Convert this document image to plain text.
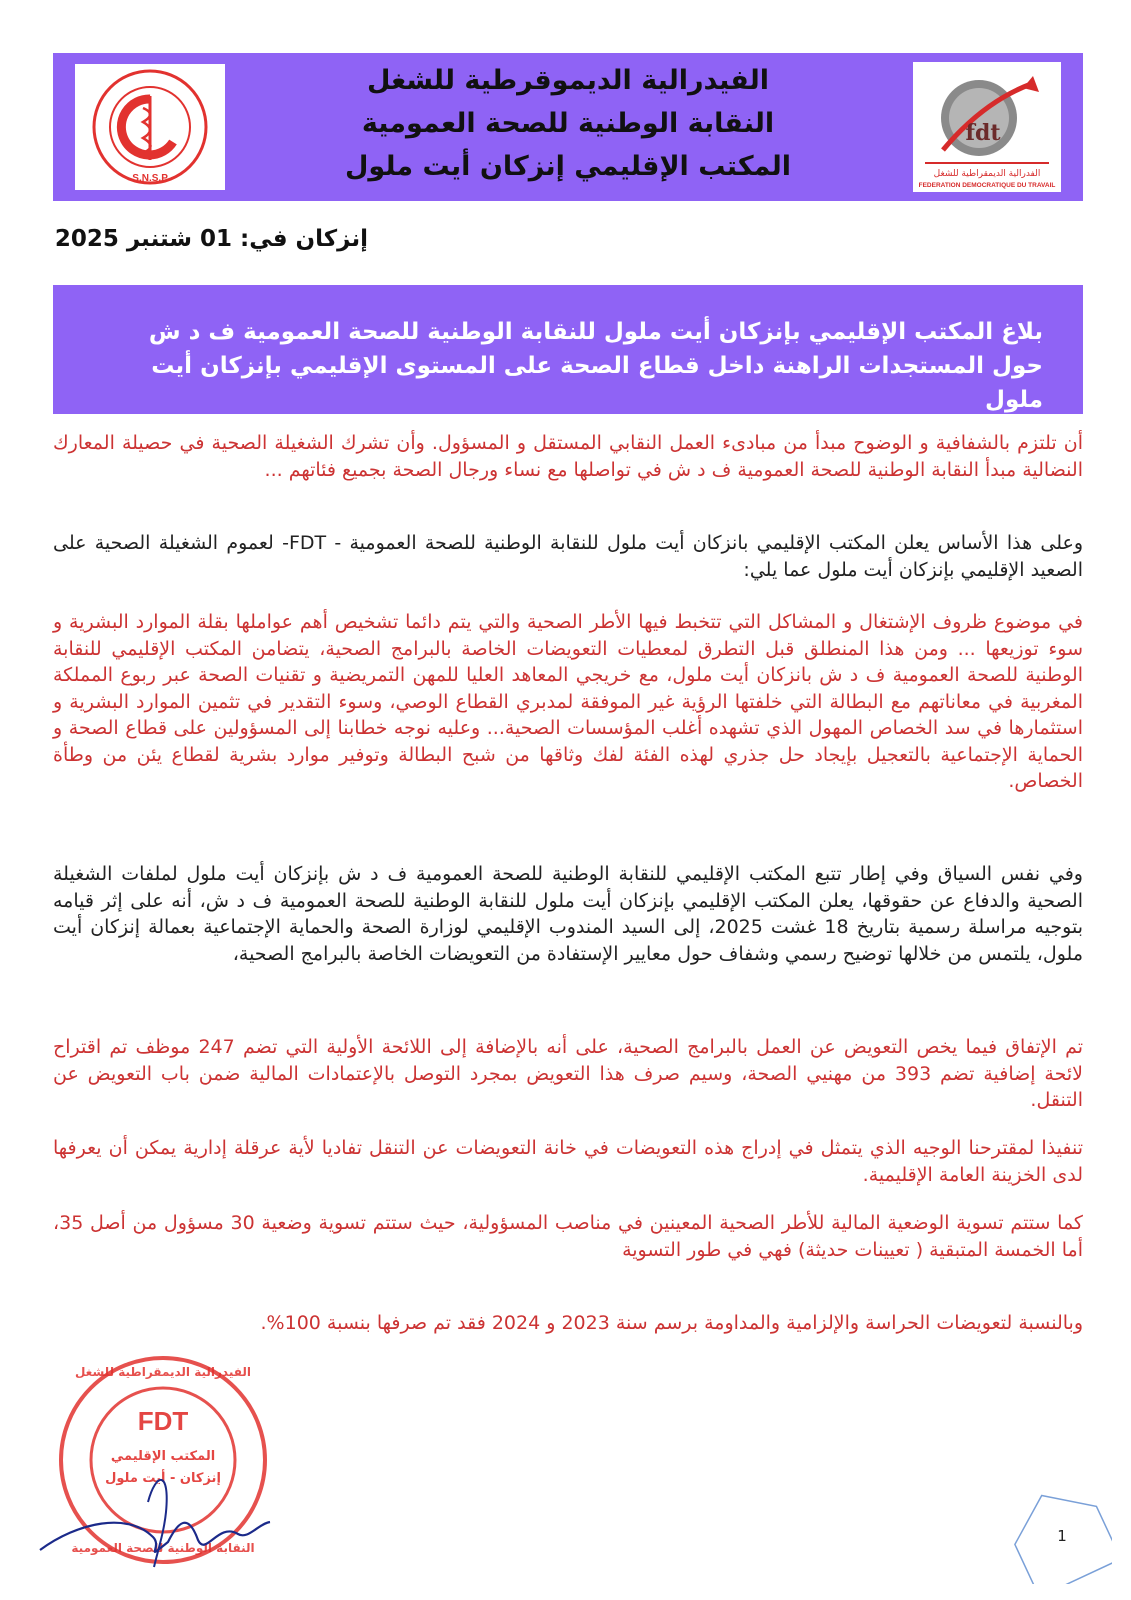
· S.N.S.P ·
الفيدرالية الديموقرطية للشغل
النقابة الوطنية للصحة العمومية
المكتب الإقليمي إنزكان أيت ملول
fdt
الفدرالية الديمقراطية للشغل
FEDERATION DEMOCRATIQUE DU TRAVAIL
إنزكان في: 01 شتنبر 2025
بلاغ المكتب الإقليمي بإنزكان أيت ملول للنقابة الوطنية للصحة العمومية ف د ش حول المستجدات الراهنة داخل قطاع الصحة على المستوى الإقليمي بإنزكان أيت ملول
أن تلتزم بالشفافية و الوضوح مبدأ من مبادىء العمل النقابي المستقل و المسؤول. وأن تشرك الشغيلة الصحية في حصيلة المعارك النضالية مبدأ النقابة الوطنية للصحة العمومية ف د ش في تواصلها مع نساء ورجال الصحة بجميع فئاتهم ...
وعلى هذا الأساس يعلن المكتب الإقليمي بانزكان أيت ملول للنقابة الوطنية للصحة العمومية - FDT- لعموم الشغيلة الصحية على الصعيد الإقليمي بإنزكان أيت ملول عما يلي:
في موضوع ظروف الإشتغال و المشاكل التي تتخبط فيها الأطر الصحية والتي يتم دائما تشخيص أهم عواملها بقلة الموارد البشرية و سوء توزيعها ... ومن هذا المنطلق قبل التطرق لمعطيات التعويضات الخاصة بالبرامج الصحية، يتضامن المكتب الإقليمي للنقابة الوطنية للصحة العمومية ف د ش بانزكان أيت ملول، مع خريجي المعاهد العليا للمهن التمريضية و تقنيات الصحة عبر ربوع المملكة المغربية في معاناتهم مع البطالة التي خلفتها الرؤية غير الموفقة لمدبري القطاع الوصي، وسوء التقدير في تثمين الموارد البشرية و استثمارها في سد الخصاص المهول الذي تشهده أغلب المؤسسات الصحية... وعليه نوجه خطابنا إلى المسؤولين على قطاع الصحة و الحماية الإجتماعية بالتعجيل بإيجاد حل جذري لهذه الفئة لفك وثاقها من شبح البطالة وتوفير موارد بشرية لقطاع يئن من وطأة الخصاص.
وفي نفس السياق وفي إطار تتبع المكتب الإقليمي للنقابة الوطنية للصحة العمومية ف د ش بإنزكان أيت ملول لملفات الشغيلة الصحية والدفاع عن حقوقها، يعلن المكتب الإقليمي بإنزكان أيت ملول للنقابة الوطنية للصحة العمومية ف د ش، أنه على إثر قيامه بتوجيه مراسلة رسمية بتاريخ 18 غشت 2025، إلى السيد المندوب الإقليمي لوزارة الصحة والحماية الإجتماعية بعمالة إنزكان أيت ملول، يلتمس من خلالها توضيح رسمي وشفاف حول معايير الإستفادة من التعويضات الخاصة بالبرامج الصحية،
تم الإتفاق فيما يخص التعويض عن العمل بالبرامج الصحية، على أنه بالإضافة إلى اللائحة الأولية التي تضم 247 موظف تم اقتراح لائحة إضافية تضم 393 من مهنيي الصحة، وسيم صرف هذا التعويض بمجرد التوصل بالإعتمادات المالية ضمن باب التعويض عن التنقل.
تنفيذا لمقترحنا الوجيه الذي يتمثل في إدراج هذه التعويضات في خانة التعويضات عن التنقل تفاديا لأية عرقلة إدارية يمكن أن يعرفها لدى الخزينة العامة الإقليمية.
كما ستتم تسوية الوضعية المالية للأطر الصحية المعينين في مناصب المسؤولية، حيث ستتم تسوية وضعية 30 مسؤول من أصل 35، أما الخمسة المتبقية ( تعيينات حديثة) فهي في طور التسوية
وبالنسبة لتعويضات الحراسة والإلزامية والمداومة برسم سنة 2023 و 2024 فقد تم صرفها بنسبة 100%.
FDT
المكتب الإقليمي
إنزكان - أيت ملول
الفيدرالية الديمقراطية للشغل
النقابة الوطنية للصحة العمومية
1
